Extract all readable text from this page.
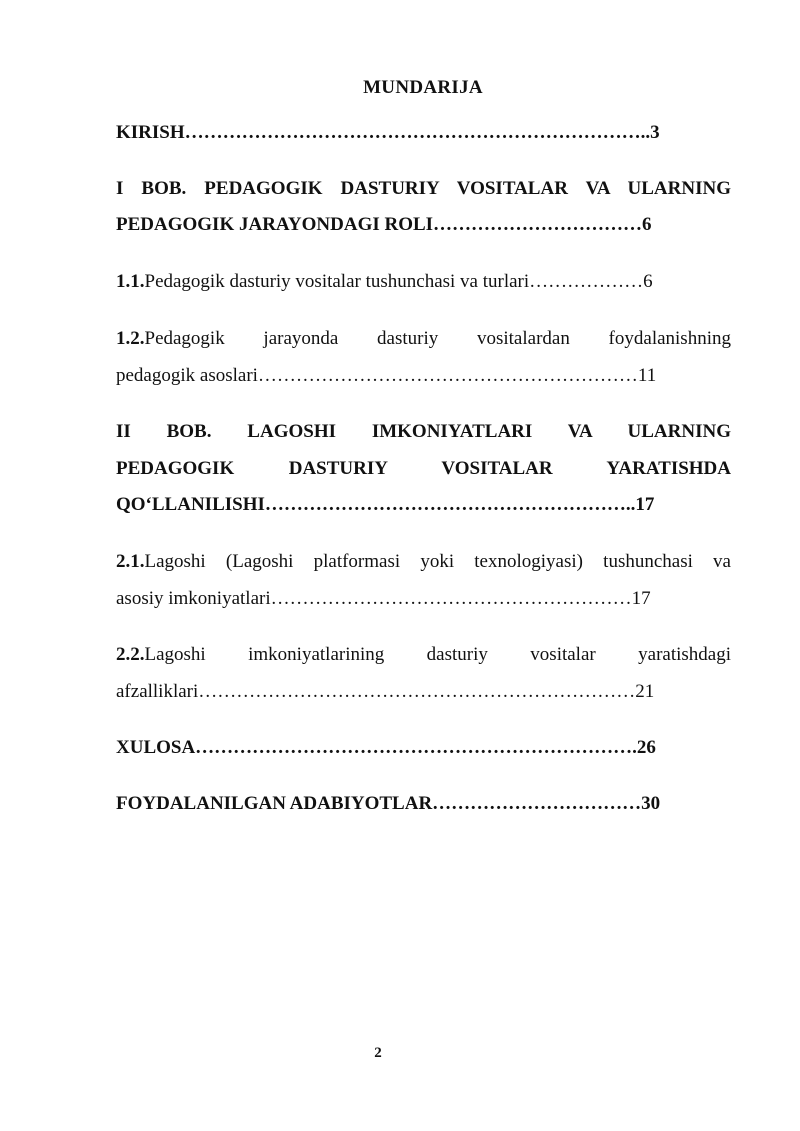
MUNDARIJA
KIRISH………………………………………………………………..3
I BOB. PEDAGOGIK DASTURIY VOSITALAR VA ULARNING
PEDAGOGIK JARAYONDAGI ROLI……………………………6
1.1.Pedagogik dasturiy vositalar tushunchasi va turlari………………6
1.2.Pedagogik jarayonda dasturiy vositalardan foydalanishning
pedagogik asoslari……………………………………………………11
II BOB. LAGOSHI IMKONIYATLARI VA ULARNING
PEDAGOGIK DASTURIY VOSITALAR YARATISHDA
QO‘LLANILISHI…………………………………………………..17
2.1.Lagoshi (Lagoshi platformasi yoki texnologiyasi) tushunchasi va
asosiy imkoniyatlari…………………………………………………17
2.2.Lagoshi imkoniyatlarining dasturiy vositalar yaratishdagi
afzalliklari……………………………………………………………21
XULOSA…………………………………………………………….26
FOYDALANILGAN ADABIYOTLAR……………………………30
2
